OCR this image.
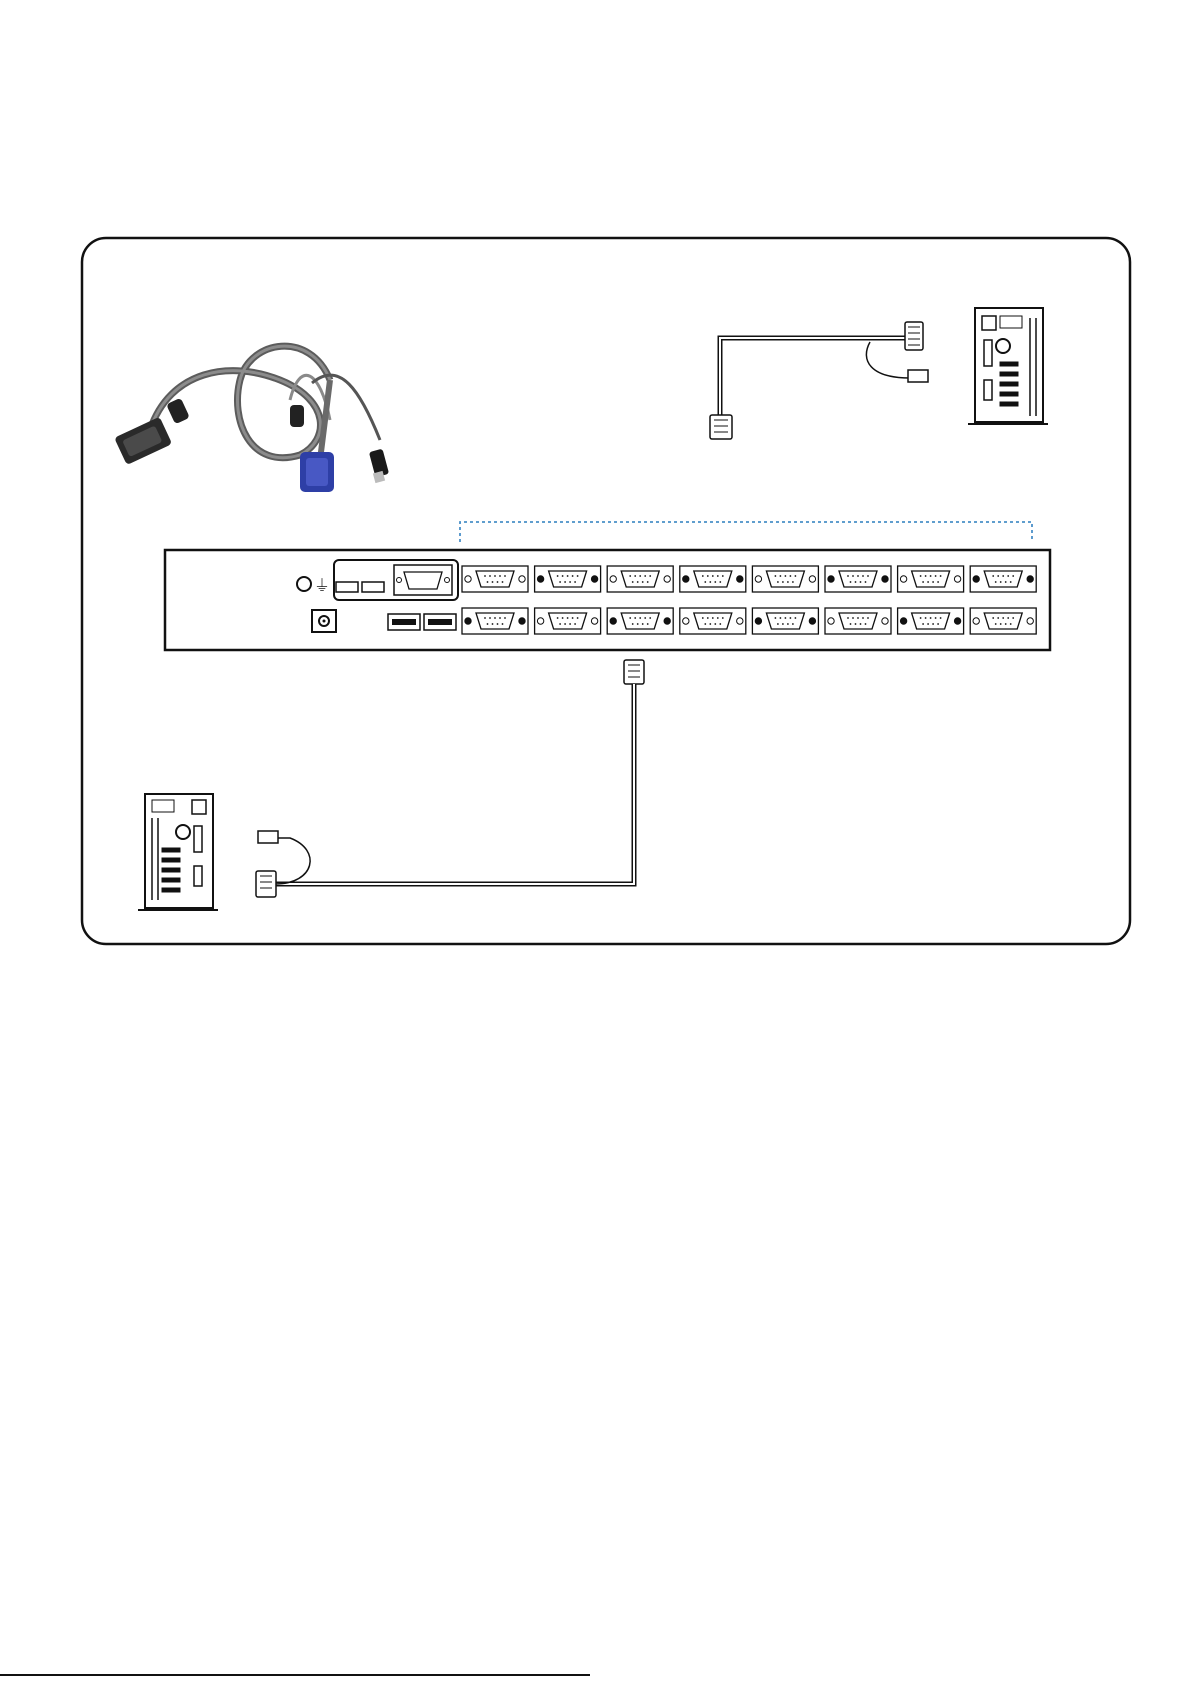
⏚
